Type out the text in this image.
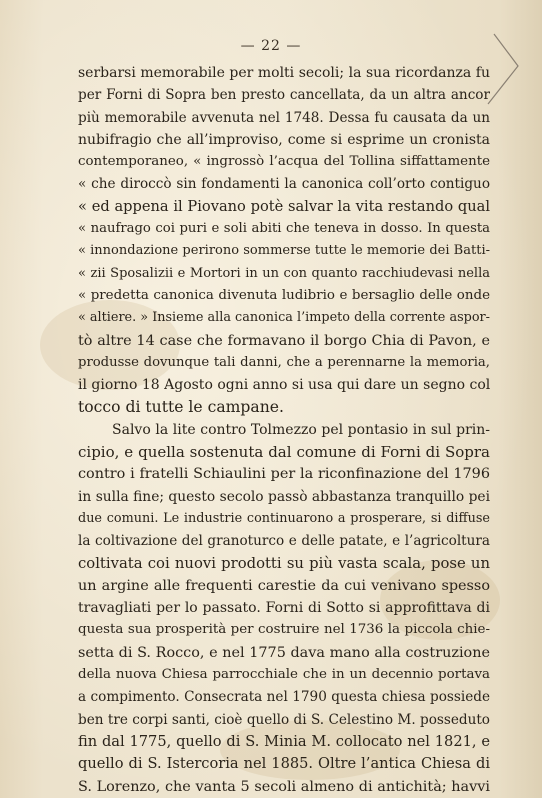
— 22 —
serbarsi memorabile per molti secoli; la sua ricordanza fu
per Forni di Sopra ben presto cancellata, da un altra ancor
più memorabile avvenuta nel 1748. Dessa fu causata da un
nubifragio che all’improviso, come si esprime un cronista
contemporaneo, « ingrossò l’acqua del Tollina siffattamente
« che dirocсò sin fondamenti la canonica coll’orto contiguo
« ed appena il Piovano potè salvar la vita restando qual
« naufrago coi puri e soli abiti che teneva in dosso. In questa
« innondazione perirono sommerse tutte le memorie dei Batti-
« zii Sposalizii e Mortori in un con quanto racchiudevasi nella
« predetta canonica divenuta ludibrio e bersaglio delle onde
« altiere. » Insieme alla canonica l’impeto della corrente aspor-
tò altre 14 case che formavano il borgo Chia di Pavon, e
produsse dovunque tali danni, che a perennarne la memoria,
il giorno 18 Agosto ogni anno si usa qui dare un segno col
tocco di tutte le campane.
Salvo la lite contro Tolmezzo pel pontasio in sul prin-
cipio, e quella sostenuta dal comune di Forni di Sopra
contro i fratelli Schiaulini per la riconfinazione del 1796
in sulla fine; questo secolo passò abbastanza tranquillo pei
due comuni. Le industrie continuarono a prosperare, si diffuse
la coltivazione del granoturco e delle patate, e l’agricoltura
coltivata coi nuovi prodotti su più vasta scala, pose un
un argine alle frequenti carestie da cui venivano spesso
travagliati per lo passato. Forni di Sotto si approfittava di
questa sua prosperità per costruire nel 1736 la piccola chie-
setta di S. Rocco, e nel 1775 dava mano alla costruzione
della nuova Chiesa parrocchiale che in un decennio portava
a compimento. Consecrata nel 1790 questa chiesa possiede
ben tre corpi santi, cioè quello di S. Celestino M. posseduto
fin dal 1775, quello di S. Minia M. collocato nel 1821, e
quello di S. Istercoria nel 1885. Oltre l’antica Chiesa di
S. Lorenzo, che vanta 5 secoli almeno di antichità; havvi
